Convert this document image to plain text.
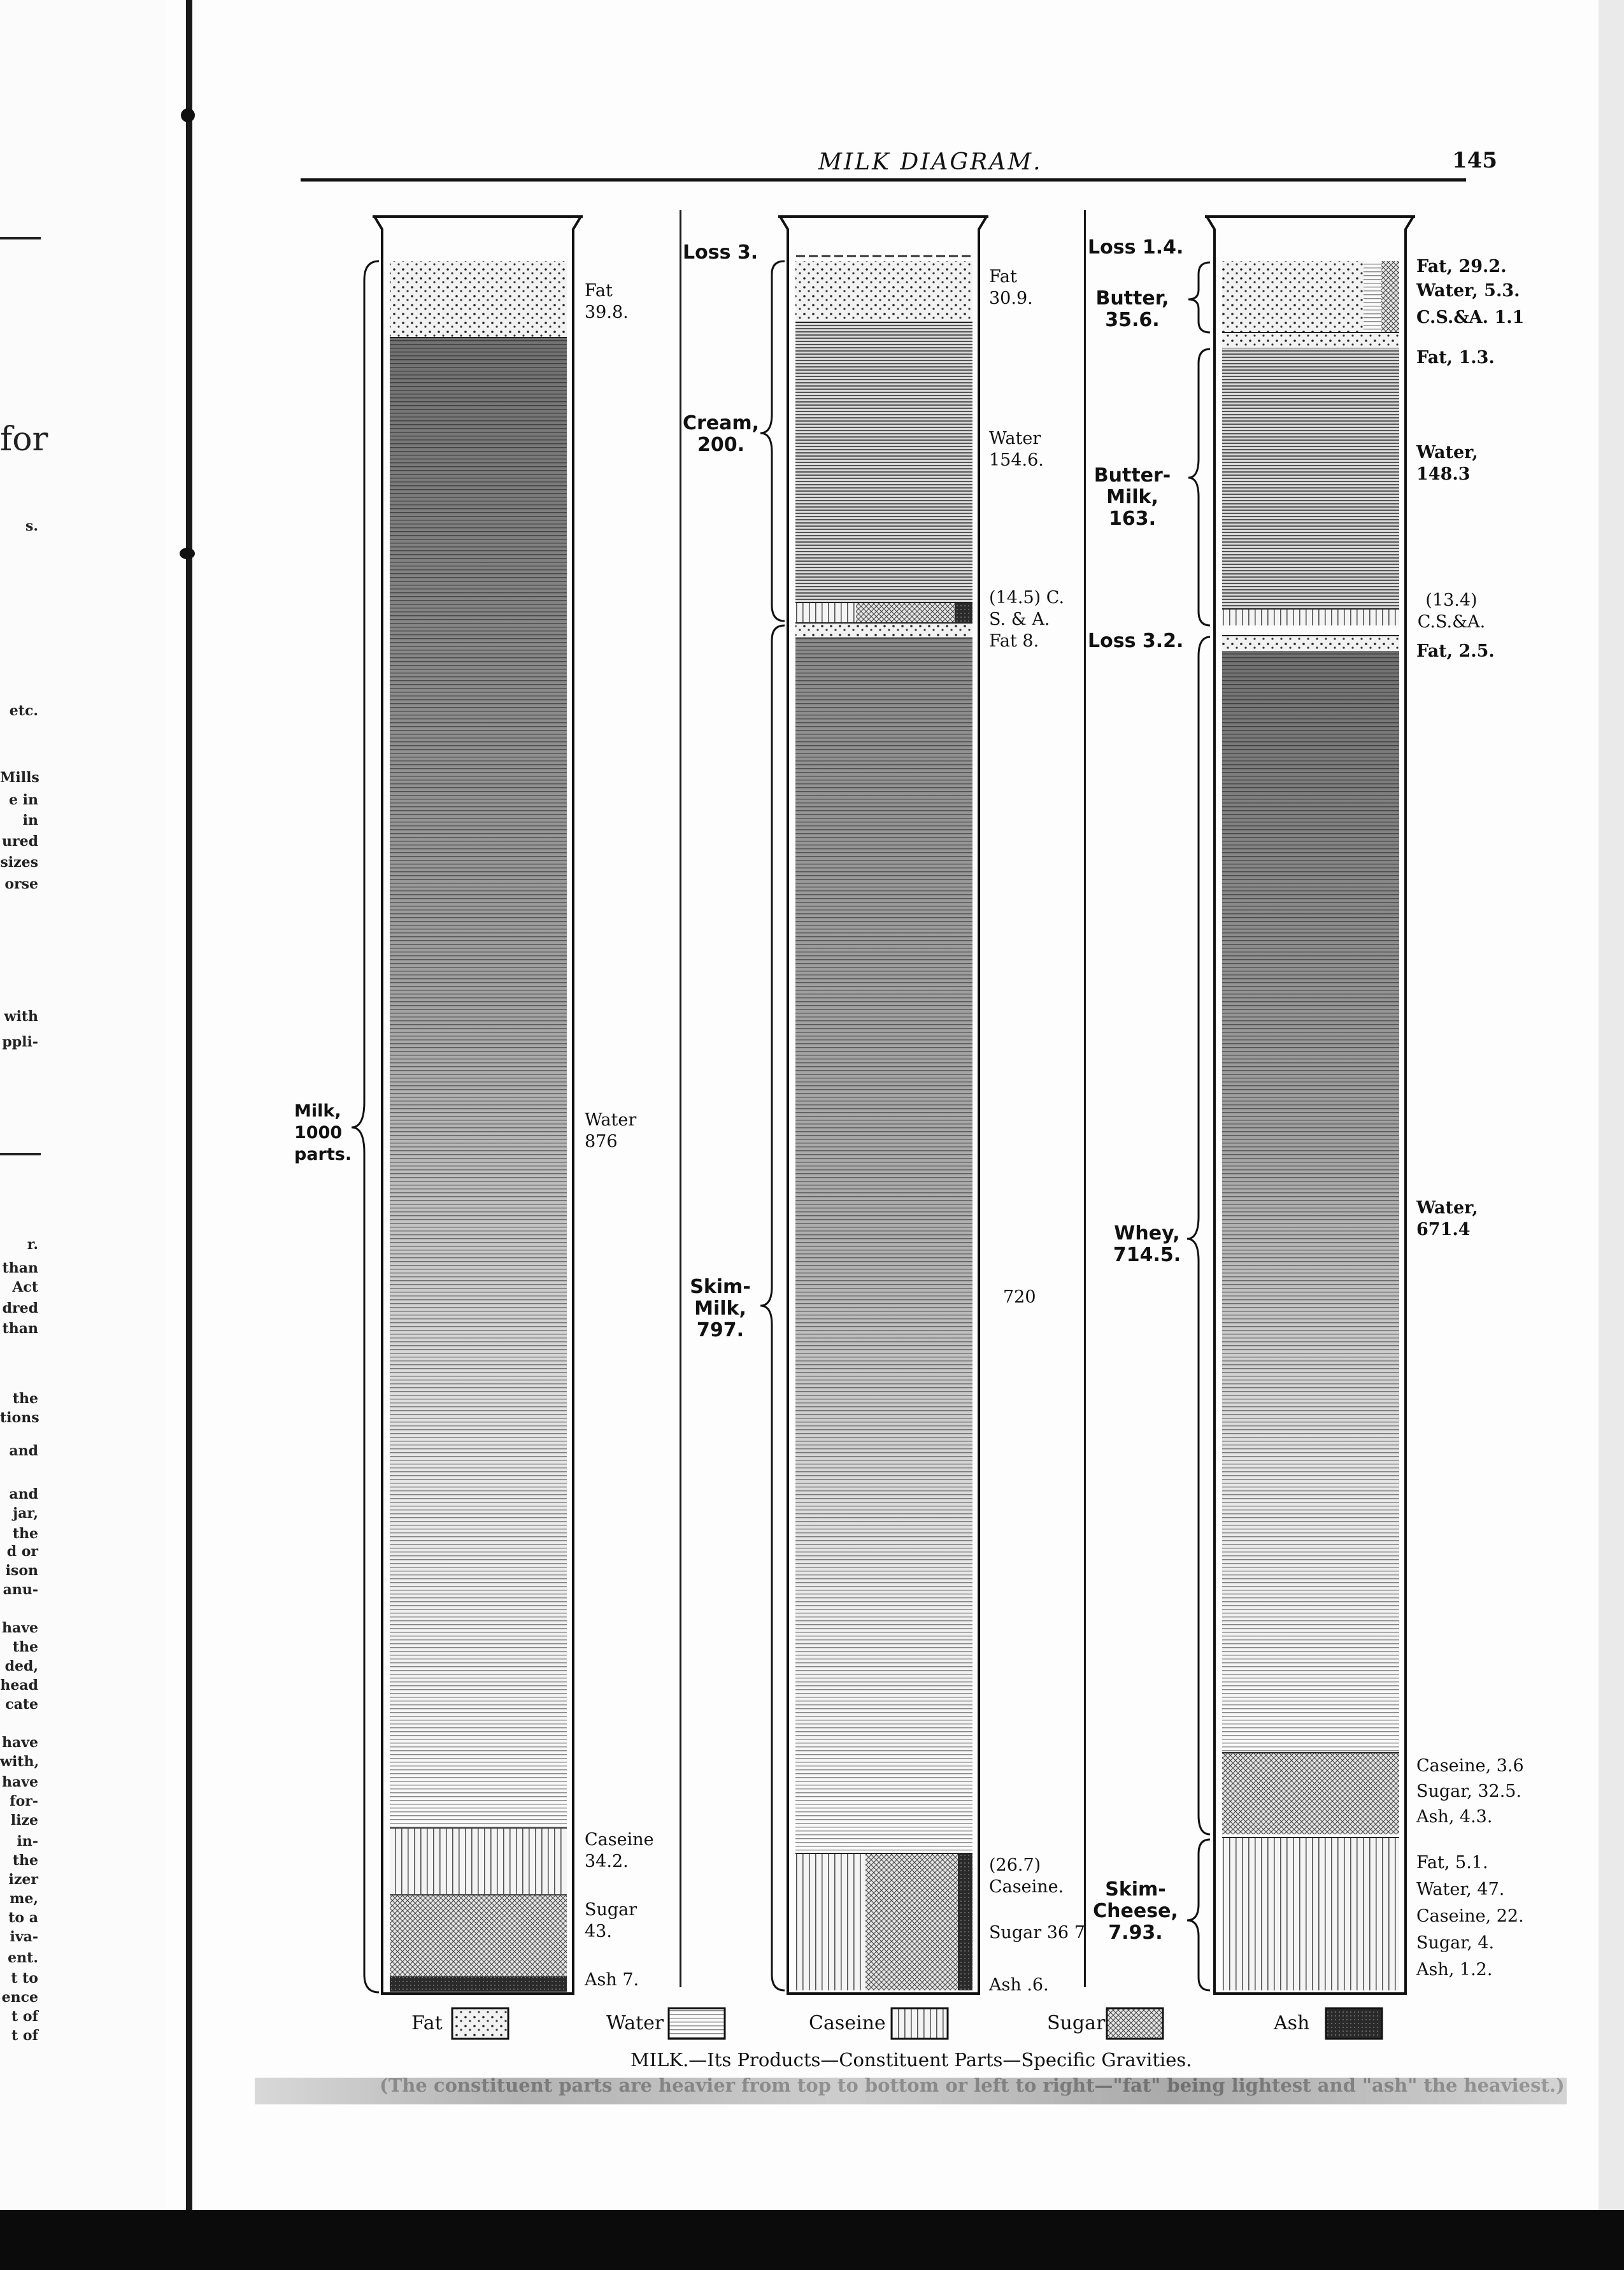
for
s.
etc.
Mills
e in
in
ured
sizes
orse
with
ppli-
r.
than
Act
dred
than
the
tions
and
and
jar,
the
d or
ison
anu-
have
the
ded,
head
cate
have
with,
have
for-
lize
in-
the
izer
me,
to a
iva-
ent.
t to
ence
t of
t of
MILK DIAGRAM.	145
Fat 39.8.
Water 876
Caseine 34.2.
Sugar 43.
Ash 7.
Milk, 1000 parts.
Loss 3.
Cream, 200.
Skim-Milk, 797.
Fat 30.9.
Water 154.6.
(14.5) C. S. & A.
Fat 8.
720
(26.7) Caseine.
Sugar 36 7
Ash .6.
Loss 1.4.
Butter, 35.6.
Butter-Milk, 163.
Loss 3.2.
Whey, 714.5.
Skim-Cheese, 7.93.
Fat, 29.2.
Water, 5.3.
C.S.&A. 1.1
Fat, 1.3.
Water, 148.3
(13.4) C.S.&A.
Fat, 2.5.
Water, 671.4
Caseine, 3.6
Sugar, 32.5.
Ash, 4.3.
Fat, 5.1.
Water, 47.
Caseine, 22.
Sugar, 4.
Ash, 1.2.
Fat	Water	Caseine	Sugar	Ash
MILK.—Its Products—Constituent Parts—Specific Gravities.
